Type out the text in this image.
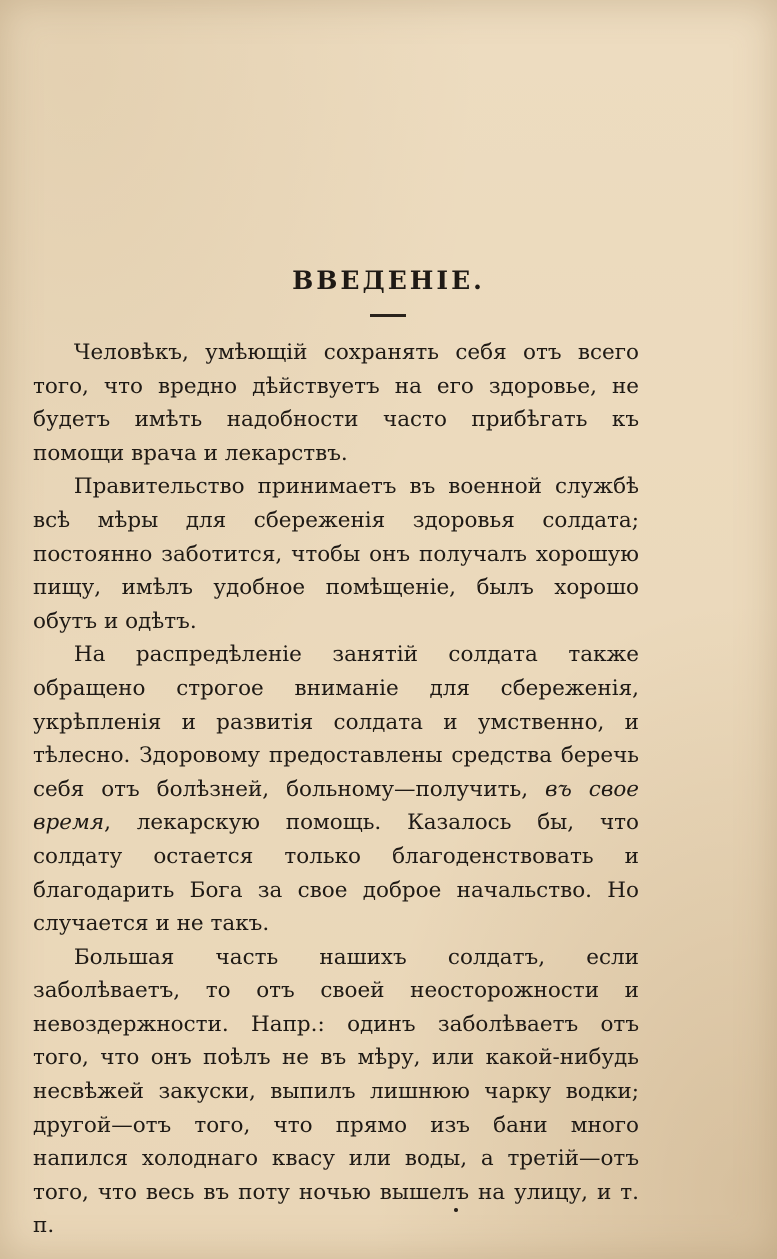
ВВЕДЕНІЕ.

Человѣкъ, умѣющій сохранять себя отъ всего того, что вредно дѣйствуетъ на его здоровье, не будетъ имѣть надобности часто прибѣгать къ помощи врача и лекарствъ.

Правительство принимаетъ въ военной службѣ всѣ мѣры для сбереженія здоровья солдата; постоянно заботится, чтобы онъ получалъ хорошую пищу, имѣлъ удобное помѣщеніе, былъ хорошо обутъ и одѣтъ.

На распредѣленіе занятій солдата также обращено строгое вниманіе для сбереженія, укрѣпленія и развитія солдата и умственно, и тѣлесно. Здоровому предоставлены средства беречь себя отъ болѣзней, больному—получить, въ свое время, лекарскую помощь. Казалось бы, что солдату остается только благоденствовать и благодарить Бога за свое доброе начальство. Но случается и не такъ.

Большая часть нашихъ солдатъ, если заболѣваетъ, то отъ своей неосторожности и невоздержности. Напр.: одинъ заболѣваетъ отъ того, что онъ поѣлъ не въ мѣру, или какой-нибудь несвѣжей закуски, выпилъ лишнюю чарку водки; другой—отъ того, что прямо изъ бани много напился холоднаго квасу или воды, а третій—отъ того, что весь въ поту ночью вышелъ на улицу, и т. п.
